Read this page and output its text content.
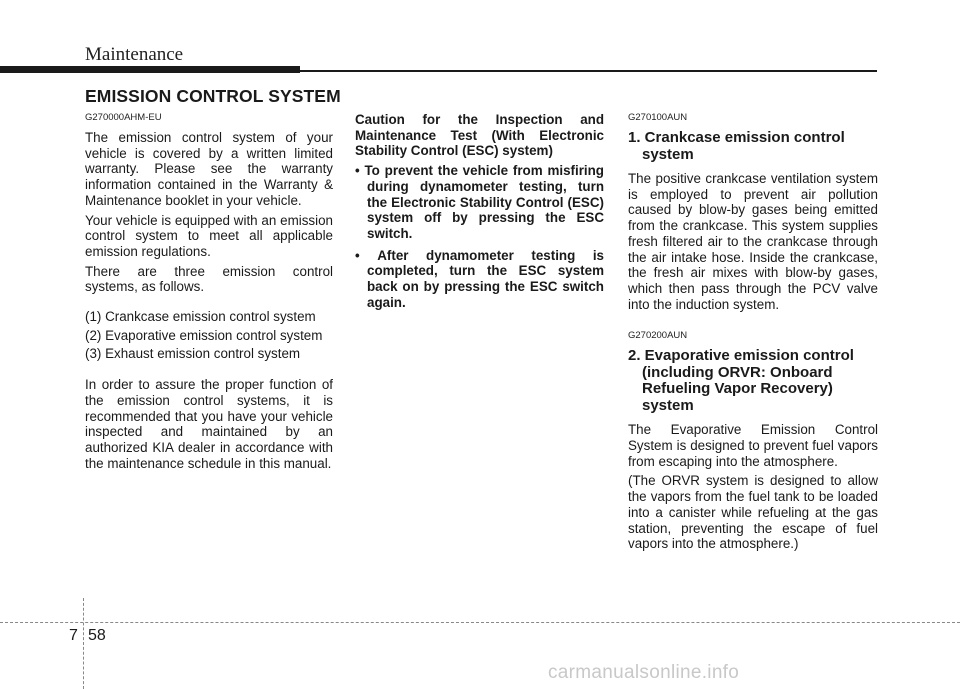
Maintenance
EMISSION CONTROL SYSTEM
G270000AHM-EU
The emission control system of your vehicle is covered by a written limited warranty. Please see the warranty information contained in the Warranty & Maintenance booklet in your vehicle.
Your vehicle is equipped with an emission control system to meet all applicable emission regulations.
There are three emission control systems, as follows.
(1) Crankcase emission control system
(2) Evaporative emission control system
(3) Exhaust emission control system
In order to assure the proper function of the emission control systems, it is recommended that you have your vehicle inspected and maintained by an authorized KIA dealer in accordance with the maintenance schedule in this manual.
Caution for the Inspection and Maintenance Test (With Electronic Stability Control (ESC) system)
• To prevent the vehicle from misfiring during dynamometer testing, turn the Electronic Stability Control (ESC) system off by pressing the ESC switch.
• After dynamometer testing is completed, turn the ESC system back on by pressing the ESC switch again.
G270100AUN
1. Crankcase emission control system
The positive crankcase ventilation system is employed to prevent air pollution caused by blow-by gases being emitted from the crankcase. This system supplies fresh filtered air to the crankcase through the air intake hose. Inside the crankcase, the fresh air mixes with blow-by gases, which then pass through the PCV valve into the induction system.
G270200AUN
2. Evaporative emission control (including ORVR: Onboard Refueling Vapor Recovery) system
The Evaporative Emission Control System is designed to prevent fuel vapors from escaping into the atmosphere.
(The ORVR system is designed to allow the vapors from the fuel tank to be loaded into a canister while refueling at the gas station, preventing the escape of fuel vapors into the atmosphere.)
7 58
carmanualsonline.info
